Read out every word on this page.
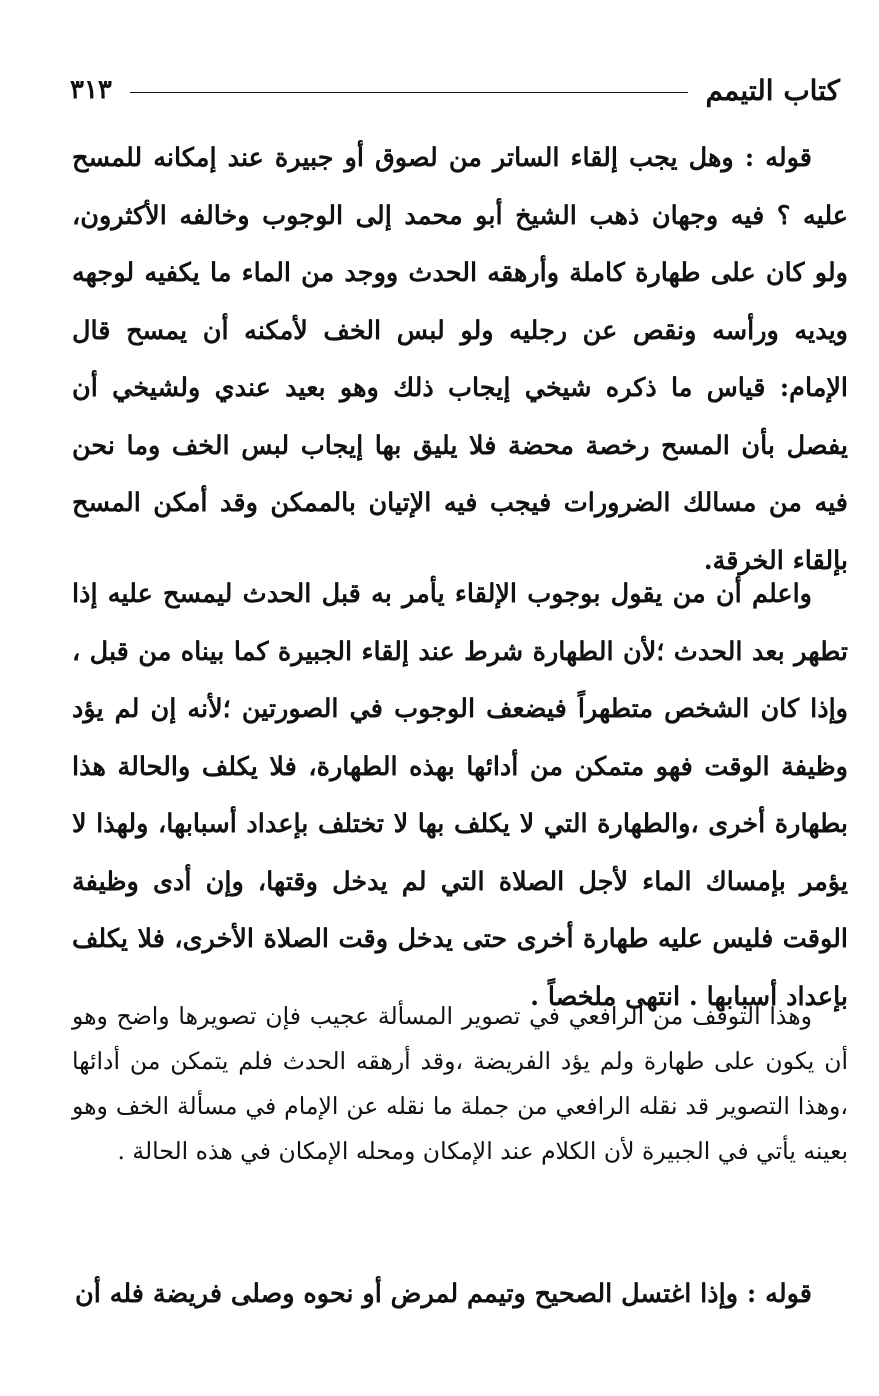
كتاب التيمم
٣١٣

قوله : وهل يجب إلقاء الساتر من لصوق أو جبيرة عند إمكانه للمسح عليه ؟ فيه وجهان ذهب الشيخ أبو محمد إلى الوجوب وخالفه الأكثرون، ولو كان على طهارة كاملة وأرهقه الحدث ووجد من الماء ما يكفيه لوجهه ويديه ورأسه ونقص عن رجليه ولو لبس الخف لأمكنه أن يمسح قال الإمام: قياس ما ذكره شيخي إيجاب ذلك وهو بعيد عندي ولشيخي أن يفصل بأن المسح رخصة محضة فلا يليق بها إيجاب لبس الخف وما نحن فيه من مسالك الضرورات فيجب فيه الإتيان بالممكن وقد أمكن المسح بإلقاء الخرقة.

واعلم أن من يقول بوجوب الإلقاء يأمر به قبل الحدث ليمسح عليه إذا تطهر بعد الحدث ؛لأن الطهارة شرط عند إلقاء الجبيرة كما بيناه من قبل ، وإذا كان الشخص متطهراً فيضعف الوجوب في الصورتين ؛لأنه إن لم يؤد وظيفة الوقت فهو متمكن من أدائها بهذه الطهارة، فلا يكلف والحالة هذا بطهارة أخرى ،والطهارة التي لا يكلف بها لا تختلف بإعداد أسبابها، ولهذا لا يؤمر بإمساك الماء لأجل الصلاة التي لم يدخل وقتها، وإن أدى وظيفة الوقت فليس عليه طهارة أخرى حتى يدخل وقت الصلاة الأخرى، فلا يكلف بإعداد أسبابها . انتهى ملخصاً .

وهذا التوقف من الرافعي في تصوير المسألة عجيب فإن تصويرها واضح وهو أن يكون على طهارة ولم يؤد الفريضة ،وقد أرهقه الحدث فلم يتمكن من أدائها ،وهذا التصوير قد نقله الرافعي من جملة ما نقله عن الإمام في مسألة الخف وهو بعينه يأتي في الجبيرة لأن الكلام عند الإمكان ومحله الإمكان في هذه الحالة .

قوله : وإذا اغتسل الصحيح وتيمم لمرض أو نحوه وصلى فريضة فله أن
